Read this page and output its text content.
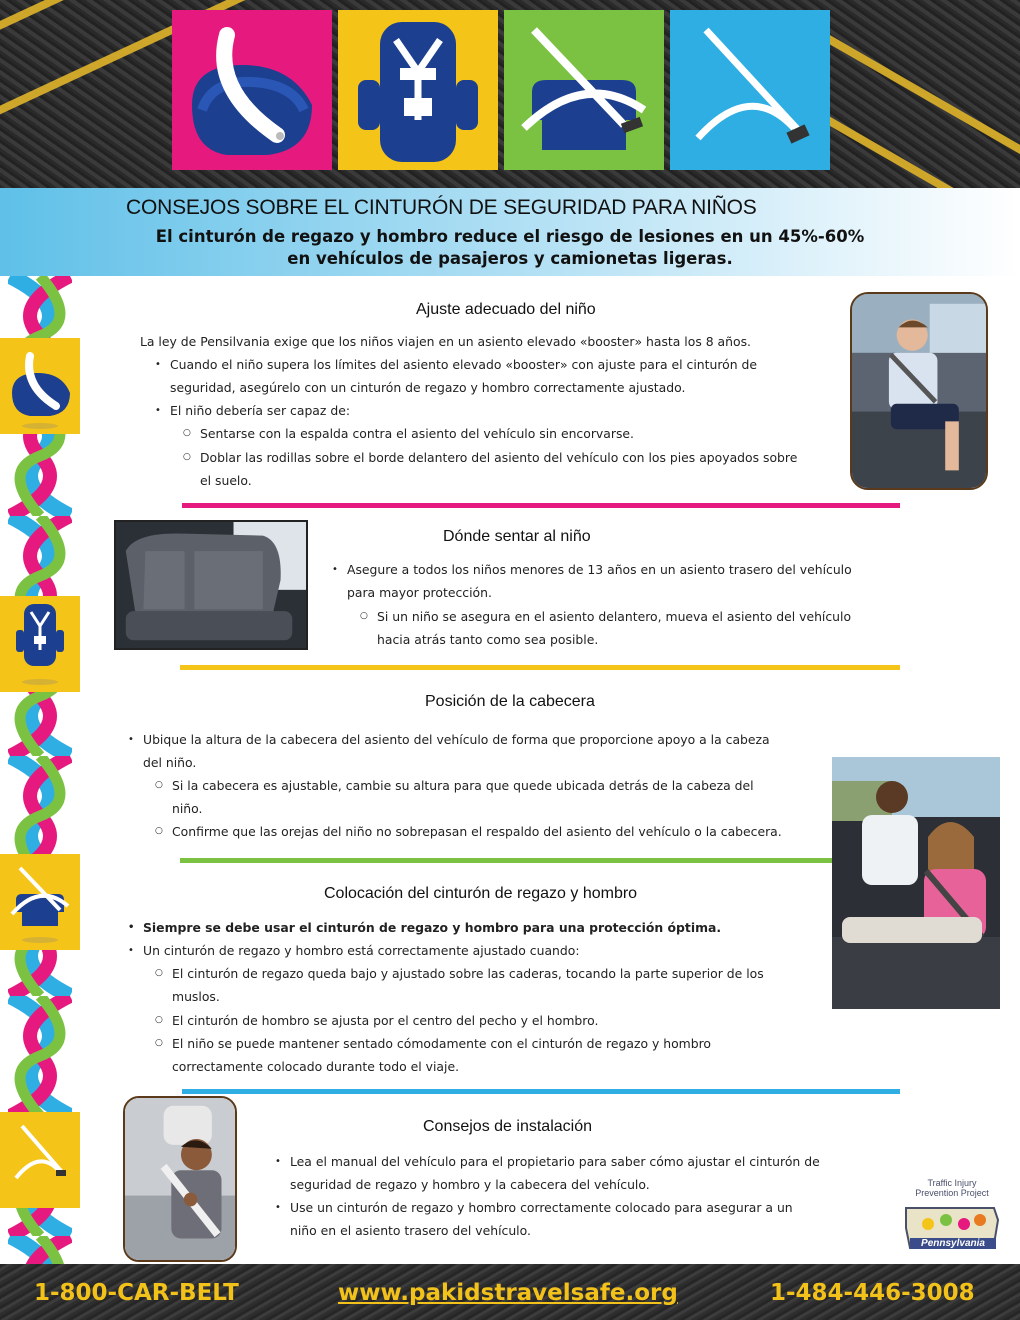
CONSEJOS SOBRE EL CINTURÓN DE SEGURIDAD PARA NIÑOS
El cinturón de regazo y hombro reduce el riesgo de lesiones en un 45%-60%
en vehículos de pasajeros y camionetas ligeras.
Ajuste adecuado del niño
La ley de Pensilvania exige que los niños viajen en un asiento elevado «booster» hasta los 8 años.
• Cuando el niño supera los límites del asiento elevado «booster» con ajuste para el cinturón de
seguridad, asegúrelo con un cinturón de regazo y hombro correctamente ajustado.
• El niño debería ser capaz de:
○ Sentarse con la espalda contra el asiento del vehículo sin encorvarse.
○ Doblar las rodillas sobre el borde delantero del asiento del vehículo con los pies apoyados sobre
el suelo.
Dónde sentar al niño
• Asegure a todos los niños menores de 13 años en un asiento trasero del vehículo
para mayor protección.
○ Si un niño se asegura en el asiento delantero, mueva el asiento del vehículo
hacia atrás tanto como sea posible.
Posición de la cabecera
• Ubique la altura de la cabecera del asiento del vehículo de forma que proporcione apoyo a la cabeza
del niño.
○ Si la cabecera es ajustable, cambie su altura para que quede ubicada detrás de la cabeza del
niño.
○ Confirme que las orejas del niño no sobrepasan el respaldo del asiento del vehículo o la cabecera.
Colocación del cinturón de regazo y hombro
• Siempre se debe usar el cinturón de regazo y hombro para una protección óptima.
• Un cinturón de regazo y hombro está correctamente ajustado cuando:
○ El cinturón de regazo queda bajo y ajustado sobre las caderas, tocando la parte superior de los
muslos.
○ El cinturón de hombro se ajusta por el centro del pecho y el hombro.
○ El niño se puede mantener sentado cómodamente con el cinturón de regazo y hombro
correctamente colocado durante todo el viaje.
Consejos de instalación
• Lea el manual del vehículo para el propietario para saber cómo ajustar el cinturón de
seguridad de regazo y hombro y la cabecera del vehículo.
• Use un cinturón de regazo y hombro correctamente colocado para asegurar a un
niño en el asiento trasero del vehículo.
Traffic Injury
Prevention Project
Pennsylvania
1-800-CAR-BELT	www.pakidstravelsafe.org	1-484-446-3008
